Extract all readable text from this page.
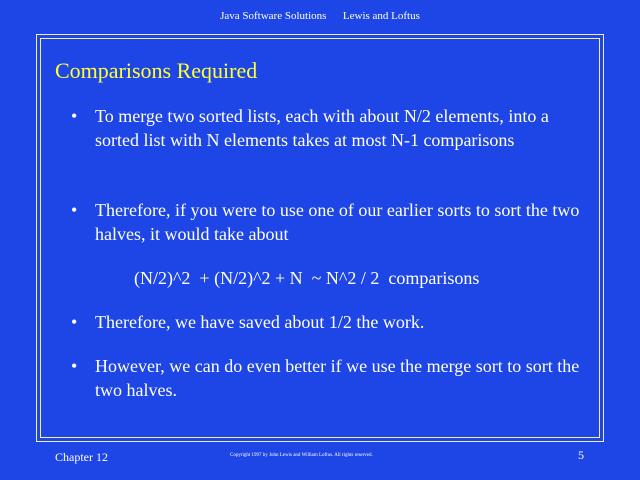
Java Software Solutions      Lewis and Loftus
Comparisons Required
• To merge two sorted lists, each with about N/2 elements, into a sorted list with N elements takes at most N-1 comparisons
• Therefore, if you were to use one of our earlier sorts to sort the two halves, it would take about
(N/2)^2  + (N/2)^2 + N  ~ N^2 / 2  comparisons
• Therefore, we have saved about 1/2 the work.
• However, we can do even better if we use the merge sort to sort the two halves.
Chapter 12	Copyright 1997 by John Lewis and William Loftus. All rights reserved.	5
